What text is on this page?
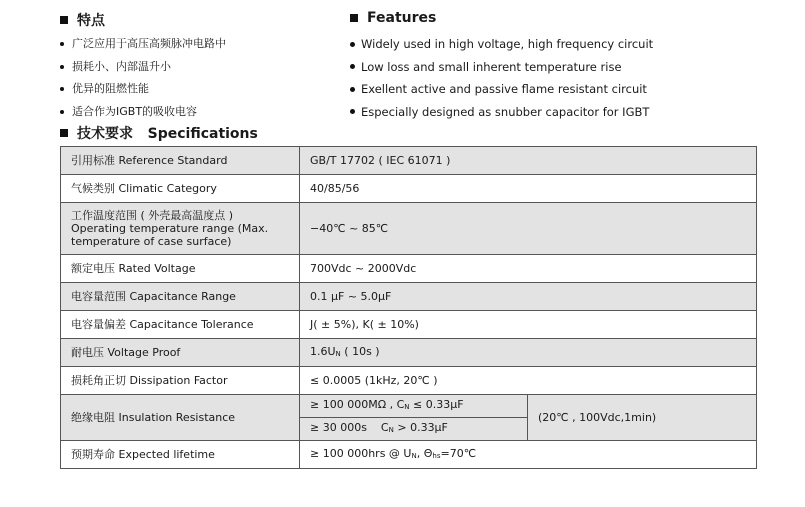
特点	Features
广泛应用于高压高频脉冲电路中
损耗小、内部温升小
优异的阻燃性能
适合作为IGBT的吸收电容
Widely used in high voltage, high frequency circuit
Low loss and small inherent temperature rise
Exellent active and passive flame resistant circuit
Especially designed as snubber capacitor for IGBT
技术要求   Specifications
引用标准 Reference Standard	GB/T 17702 ( IEC 61071 )	
气候类别 Climatic Category	40/85/56	

工作温度范围 ( 外壳最高温度点 )
Operating temperature range (Max.
temperature of case surface)	−40℃ ~ 85℃	
额定电压 Rated Voltage	700Vdc ~ 2000Vdc	
电容量范围 Capacitance Range	0.1 μF ~ 5.0μF	
电容量偏差 Capacitance Tolerance	J( ± 5%), K( ± 10%)	
耐电压 Voltage Proof	$1.6U_N$ ( 10s )	
损耗角正切 Dissipation Factor	≤ 0.0005 (1kHz, 20℃ )	
绝缘电阻 Insulation Resistance	≥ 100 000MΩ , $C_N \le 0.33\mu F$	(20℃ , 100Vdc,1min)
	≥ 30 000s    $C_N > 0.33\mu F$	
预期寿命 Expected lifetime	≥ 100 000hrs @ $U_N$, $\Theta_{hs}=70℃$	
